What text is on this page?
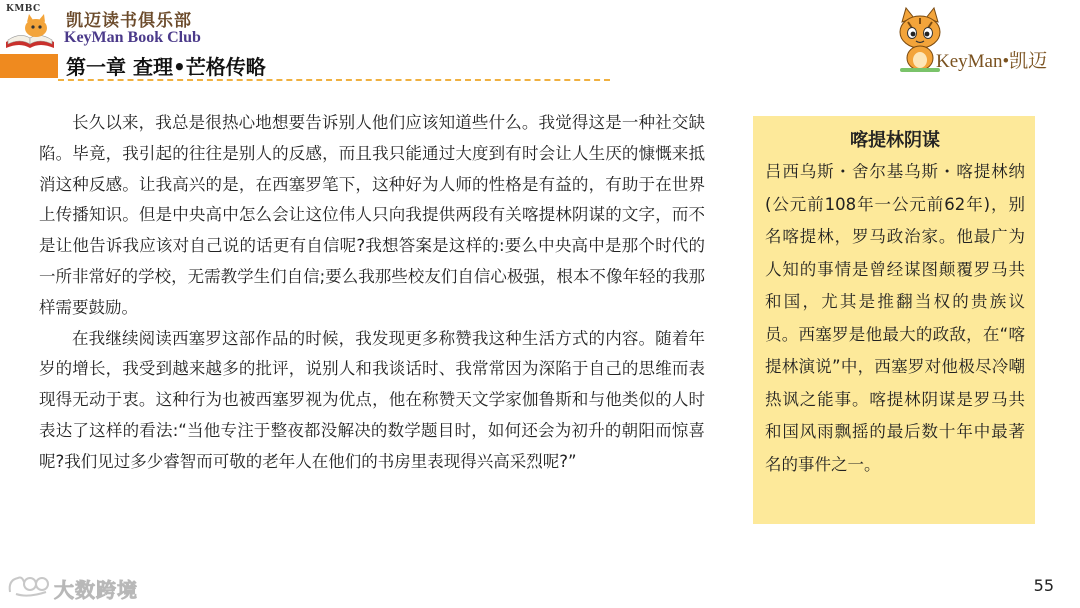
KMBC
凯迈读书俱乐部
KeyMan Book Club
第一章 查理•芒格传略	KeyMan•凯迈

长久以来，我总是很热心地想要告诉别人他们应该知道些什么。我觉得这是一种社交缺陷。毕竟，我引起的往往是别人的反感，而且我只能通过大度到有时会让人生厌的慷慨来抵消这种反感。让我高兴的是，在西塞罗笔下，这种好为人师的性格是有益的，有助于在世界上传播知识。但是中央高中怎么会让这位伟人只向我提供两段有关喀提林阴谋的文字，而不是让他告诉我应该对自己说的话更有自信呢?我想答案是这样的:要么中央高中是那个时代的一所非常好的学校，无需教学生们自信;要么我那些校友们自信心极强，根本不像年轻的我那样需要鼓励。

在我继续阅读西塞罗这部作品的时候，我发现更多称赞我这种生活方式的内容。随着年岁的增长，我受到越来越多的批评，说别人和我谈话时、我常常因为深陷于自己的思维而表现得无动于衷。这种行为也被西塞罗视为优点，他在称赞天文学家伽鲁斯和与他类似的人时表达了这样的看法:“当他专注于整夜都没解决的数学题目时，如何还会为初升的朝阳而惊喜呢?我们见过多少睿智而可敬的老年人在他们的书房里表现得兴高采烈呢?”

喀提林阴谋
吕西乌斯・舍尔基乌斯・喀提林纳(公元前108年一公元前62年)，别名喀提林，罗马政治家。他最广为人知的事情是曾经谋图颠覆罗马共和国，尤其是推翻当权的贵族议员。西塞罗是他最大的政敌，在“喀提林演说”中，西塞罗对他极尽冷嘲热讽之能事。喀提林阴谋是罗马共和国风雨飘摇的最后数十年中最著名的事件之一。
大数跨境	55
